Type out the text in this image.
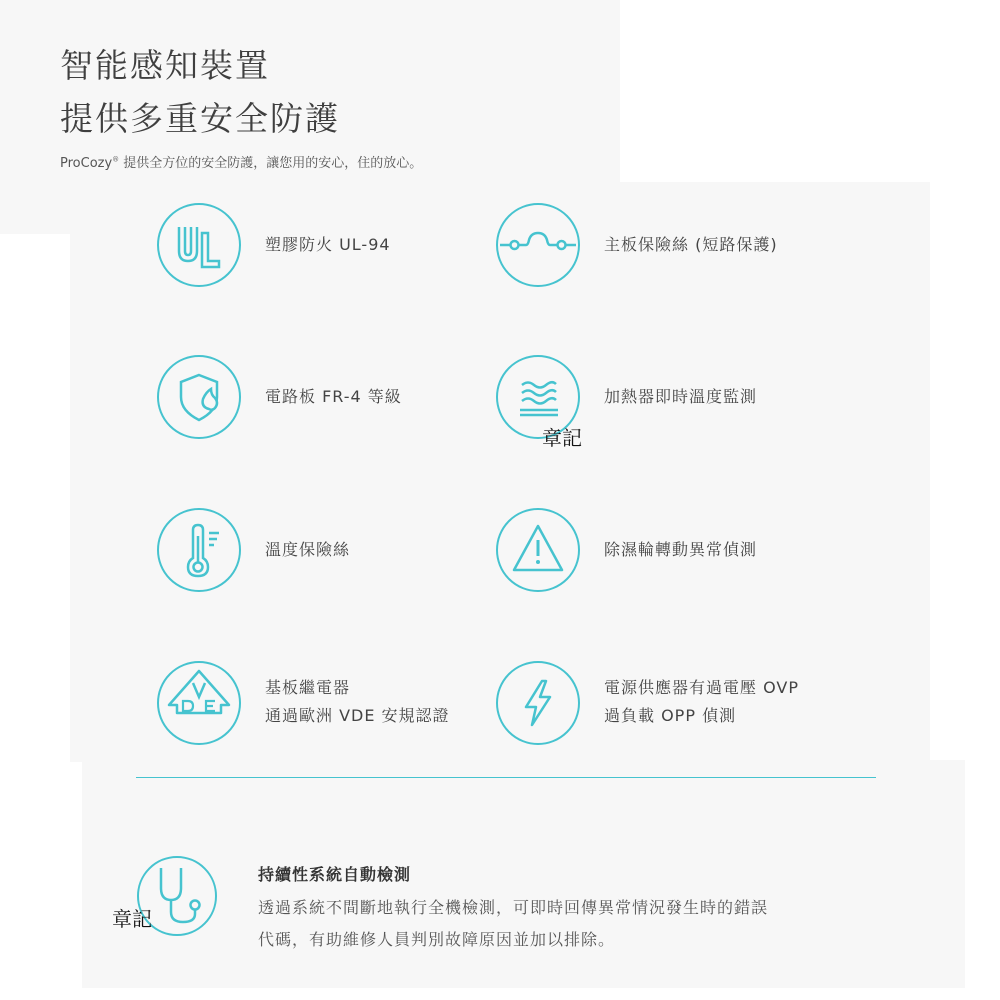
智能感知裝置
提供多重安全防護
ProCozy® 提供全方位的安全防護，讓您用的安心，住的放心。
塑膠防火 UL-94	主板保險絲 (短路保護)
電路板 FR-4 等級	加熱器即時溫度監測
溫度保險絲	除濕輪轉動異常偵測
基板繼電器
通過歐洲 VDE 安規認證
電源供應器有過電壓 OVP
過負載 OPP 偵測
持續性系統自動檢測
透過系統不間斷地執行全機檢測，可即時回傳異常情況發生時的錯誤
代碼，有助維修人員判別故障原因並加以排除。
章記
章記
